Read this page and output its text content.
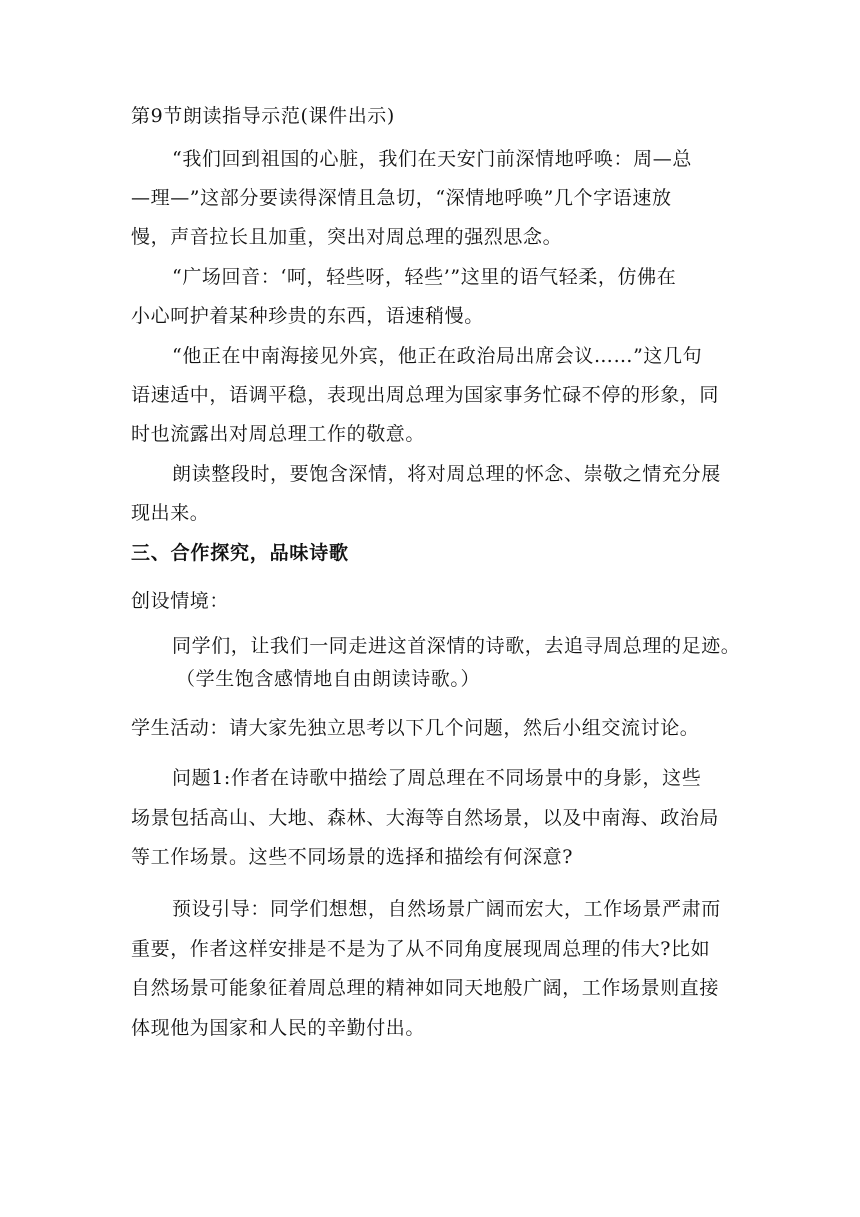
第9节朗读指导示范(课件出示)
“我们回到祖国的心脏，我们在天安门前深情地呼唤：周—总
—理—”这部分要读得深情且急切，“深情地呼唤”几个字语速放
慢，声音拉长且加重，突出对周总理的强烈思念。
“广场回音：‘呵，轻些呀，轻些’”这里的语气轻柔，仿佛在
小心呵护着某种珍贵的东西，语速稍慢。
“他正在中南海接见外宾，他正在政治局出席会议……”这几句
语速适中，语调平稳，表现出周总理为国家事务忙碌不停的形象，同
时也流露出对周总理工作的敬意。
朗读整段时，要饱含深情，将对周总理的怀念、崇敬之情充分展
现出来。
三、合作探究，品味诗歌
创设情境：
同学们，让我们一同走进这首深情的诗歌，去追寻周总理的足迹。
（学生饱含感情地自由朗读诗歌。）
学生活动：请大家先独立思考以下几个问题，然后小组交流讨论。
问题1:作者在诗歌中描绘了周总理在不同场景中的身影，这些
场景包括高山、大地、森林、大海等自然场景，以及中南海、政治局
等工作场景。这些不同场景的选择和描绘有何深意?
预设引导：同学们想想，自然场景广阔而宏大，工作场景严肃而
重要，作者这样安排是不是为了从不同角度展现周总理的伟大?比如
自然场景可能象征着周总理的精神如同天地般广阔，工作场景则直接
体现他为国家和人民的辛勤付出。
